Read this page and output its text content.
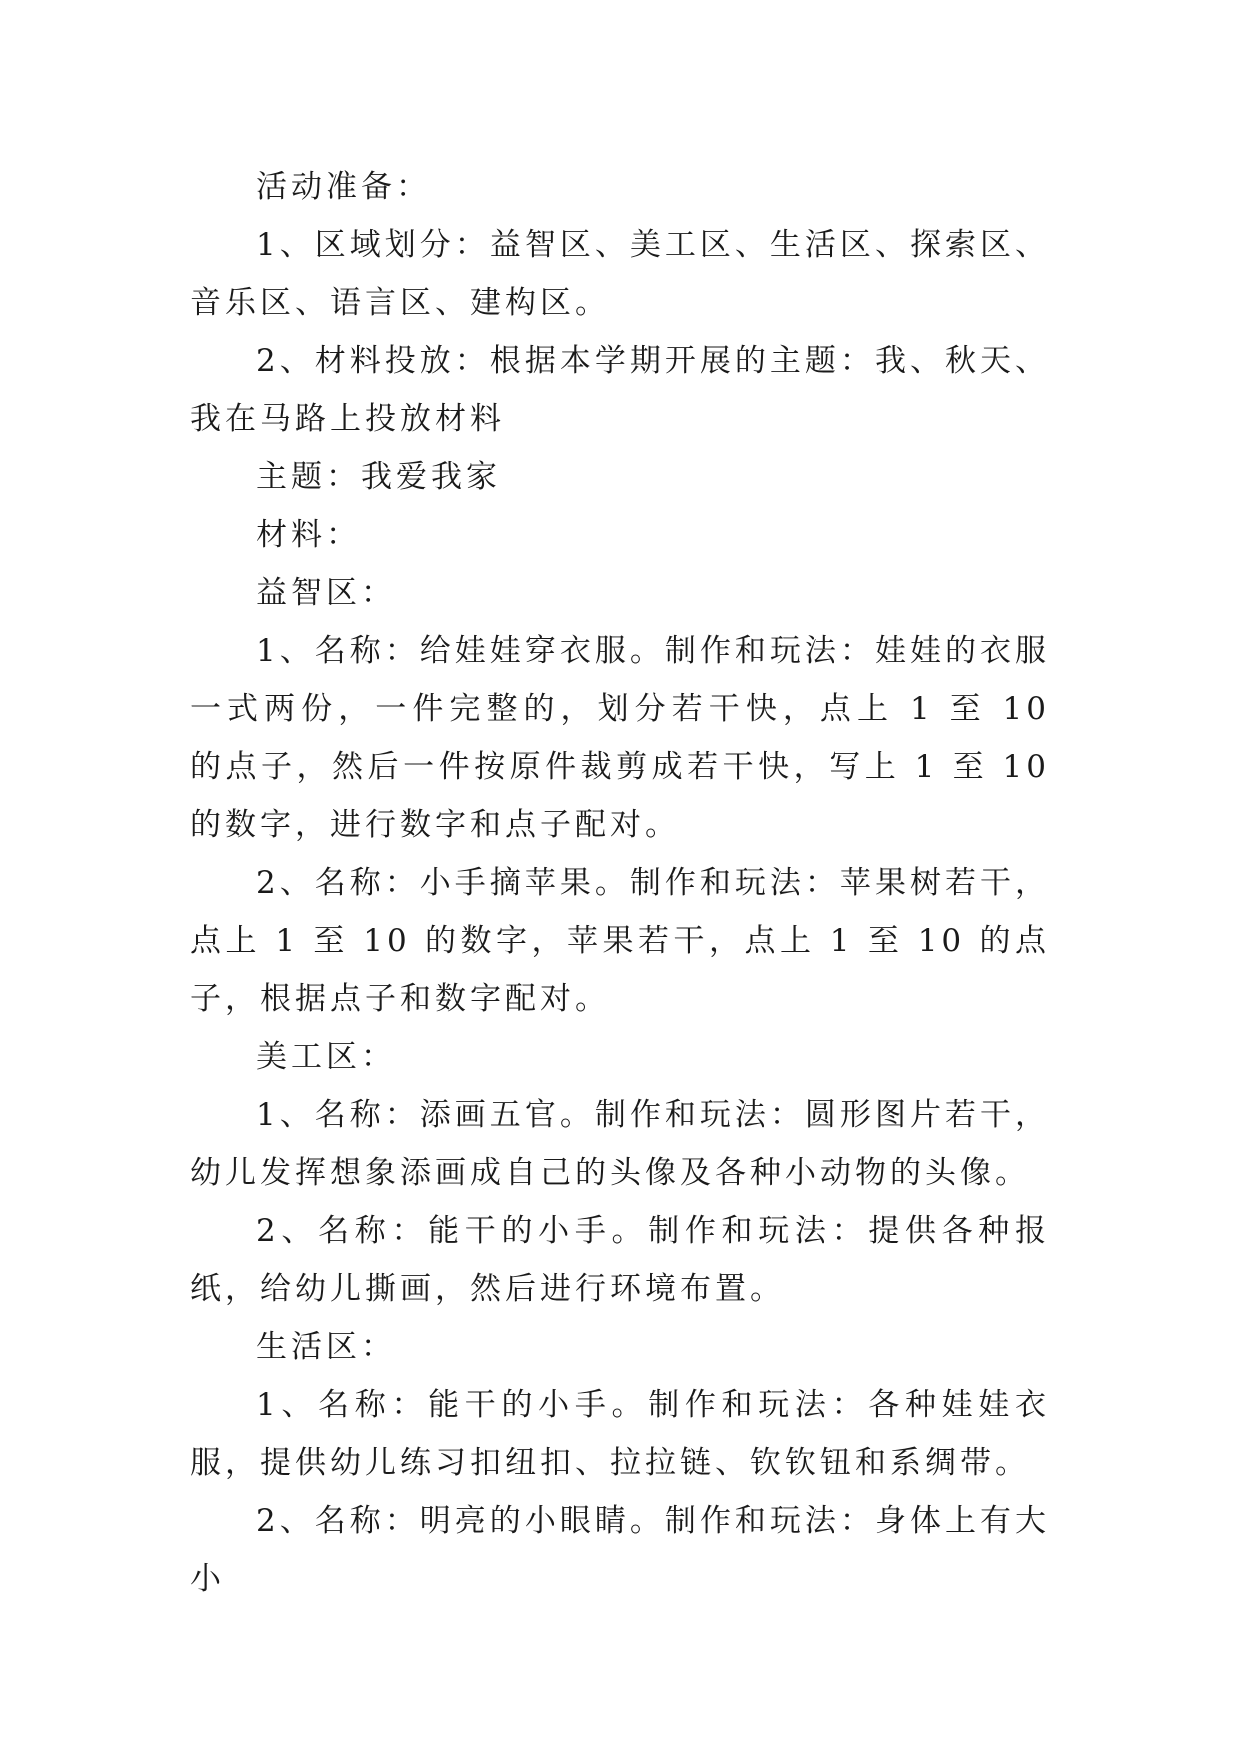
活动准备：

1、区域划分：益智区、美工区、生活区、探索区、音乐区、语言区、建构区。

2、材料投放：根据本学期开展的主题：我、秋天、我在马路上投放材料

主题：我爱我家

材料：

益智区：

1、名称：给娃娃穿衣服。制作和玩法：娃娃的衣服一式两份，一件完整的，划分若干快，点上 1 至 10 的点子，然后一件按原件裁剪成若干快，写上 1 至 10 的数字，进行数字和点子配对。

2、名称：小手摘苹果。制作和玩法：苹果树若干，点上 1 至 10 的数字，苹果若干，点上 1 至 10 的点子，根据点子和数字配对。

美工区：

1、名称：添画五官。制作和玩法：圆形图片若干，幼儿发挥想象添画成自己的头像及各种小动物的头像。

2、名称：能干的小手。制作和玩法：提供各种报纸，给幼儿撕画，然后进行环境布置。

生活区：

1、名称：能干的小手。制作和玩法：各种娃娃衣服，提供幼儿练习扣纽扣、拉拉链、钦钦钮和系绸带。

2、名称：明亮的小眼睛。制作和玩法：身体上有大小
